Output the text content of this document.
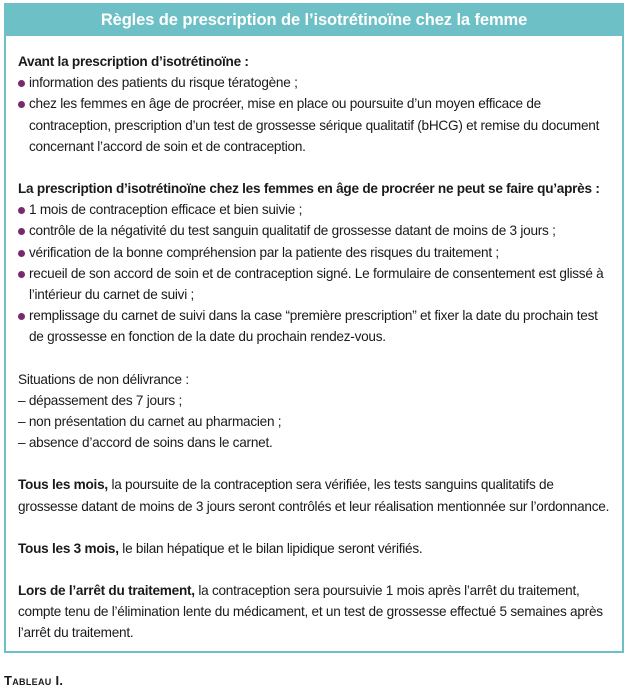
Règles de prescription de l’isotrétinoïne chez la femme
Avant la prescription d’isotrétinoïne :
information des patients du risque tératogène ;
chez les femmes en âge de procréer, mise en place ou poursuite d’un moyen efficace de contraception, prescription d’un test de grossesse sérique qualitatif (bHCG) et remise du document concernant l’accord de soin et de contraception.
La prescription d’isotrétinoïne chez les femmes en âge de procréer ne peut se faire qu’après :
1 mois de contraception efficace et bien suivie ;
contrôle de la négativité du test sanguin qualitatif de grossesse datant de moins de 3 jours ;
vérification de la bonne compréhension par la patiente des risques du traitement ;
recueil de son accord de soin et de contraception signé. Le formulaire de consentement est glissé à l’intérieur du carnet de suivi ;
remplissage du carnet de suivi dans la case “première prescription” et fixer la date du prochain test de grossesse en fonction de la date du prochain rendez-vous.
Situations de non délivrance :
– dépassement des 7 jours ;
– non présentation du carnet au pharmacien ;
– absence d’accord de soins dans le carnet.
Tous les mois, la poursuite de la contraception sera vérifiée, les tests sanguins qualitatifs de grossesse datant de moins de 3 jours seront contrôlés et leur réalisation mentionnée sur l’ordonnance.
Tous les 3 mois, le bilan hépatique et le bilan lipidique seront vérifiés.
Lors de l’arrêt du traitement, la contraception sera poursuivie 1 mois après l’arrêt du traitement, compte tenu de l’élimination lente du médicament, et un test de grossesse effectué 5 semaines après l’arrêt du traitement.
Tableau I.
